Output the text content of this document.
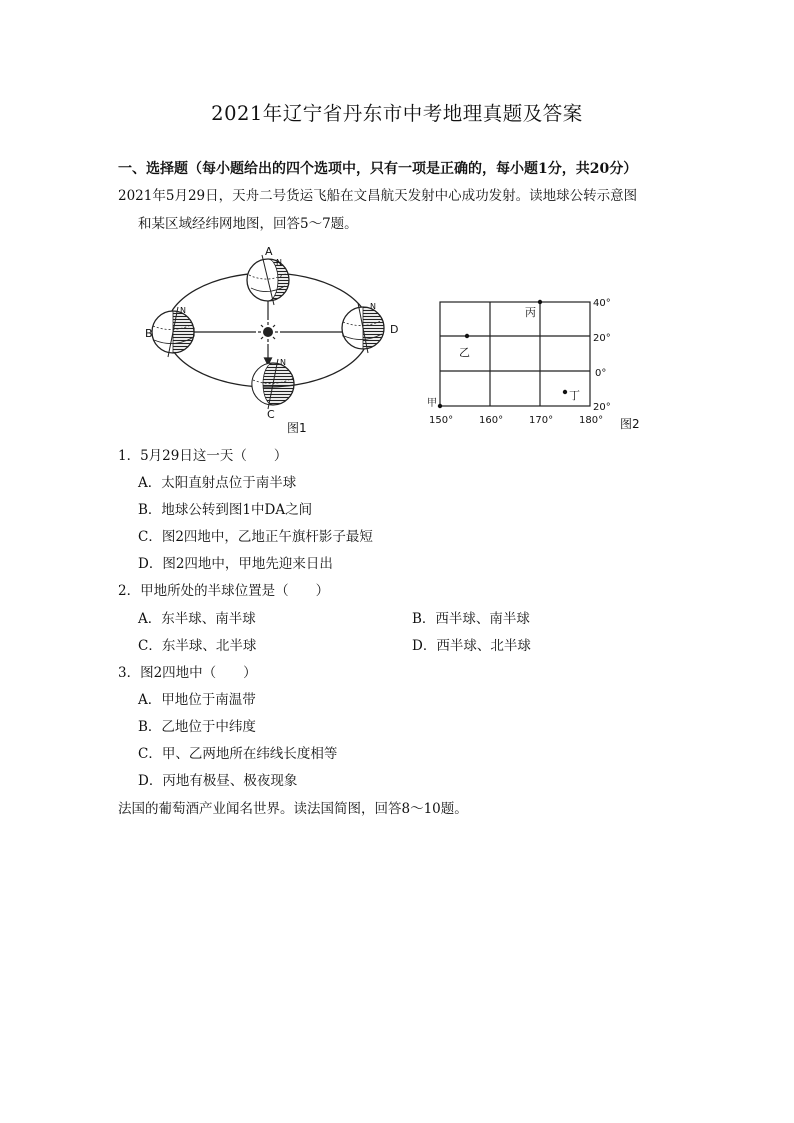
2021年辽宁省丹东市中考地理真题及答案
一、选择题（每小题给出的四个选项中，只有一项是正确的，每小题1分，共20分）
2021年5月29日，天舟二号货运飞船在文昌航天发射中心成功发射。读地球公转示意图
和某区域经纬网地图，回答5～7题。
A
B
C
D
N
N
N
N
图1
丙
乙
丁
甲
40°
20°
0°
20°
150°	160°	170°	180° 图2
1．5月29日这一天（　　）
A．太阳直射点位于南半球
B．地球公转到图1中DA之间
C．图2四地中，乙地正午旗杆影子最短
D．图2四地中，甲地先迎来日出
2．甲地所处的半球位置是（　　）
A．东半球、南半球	B．西半球、南半球
C．东半球、北半球	D．西半球、北半球
3．图2四地中（　　）
A．甲地位于南温带
B．乙地位于中纬度
C．甲、乙两地所在纬线长度相等
D．丙地有极昼、极夜现象
法国的葡萄酒产业闻名世界。读法国简图，回答8～10题。
